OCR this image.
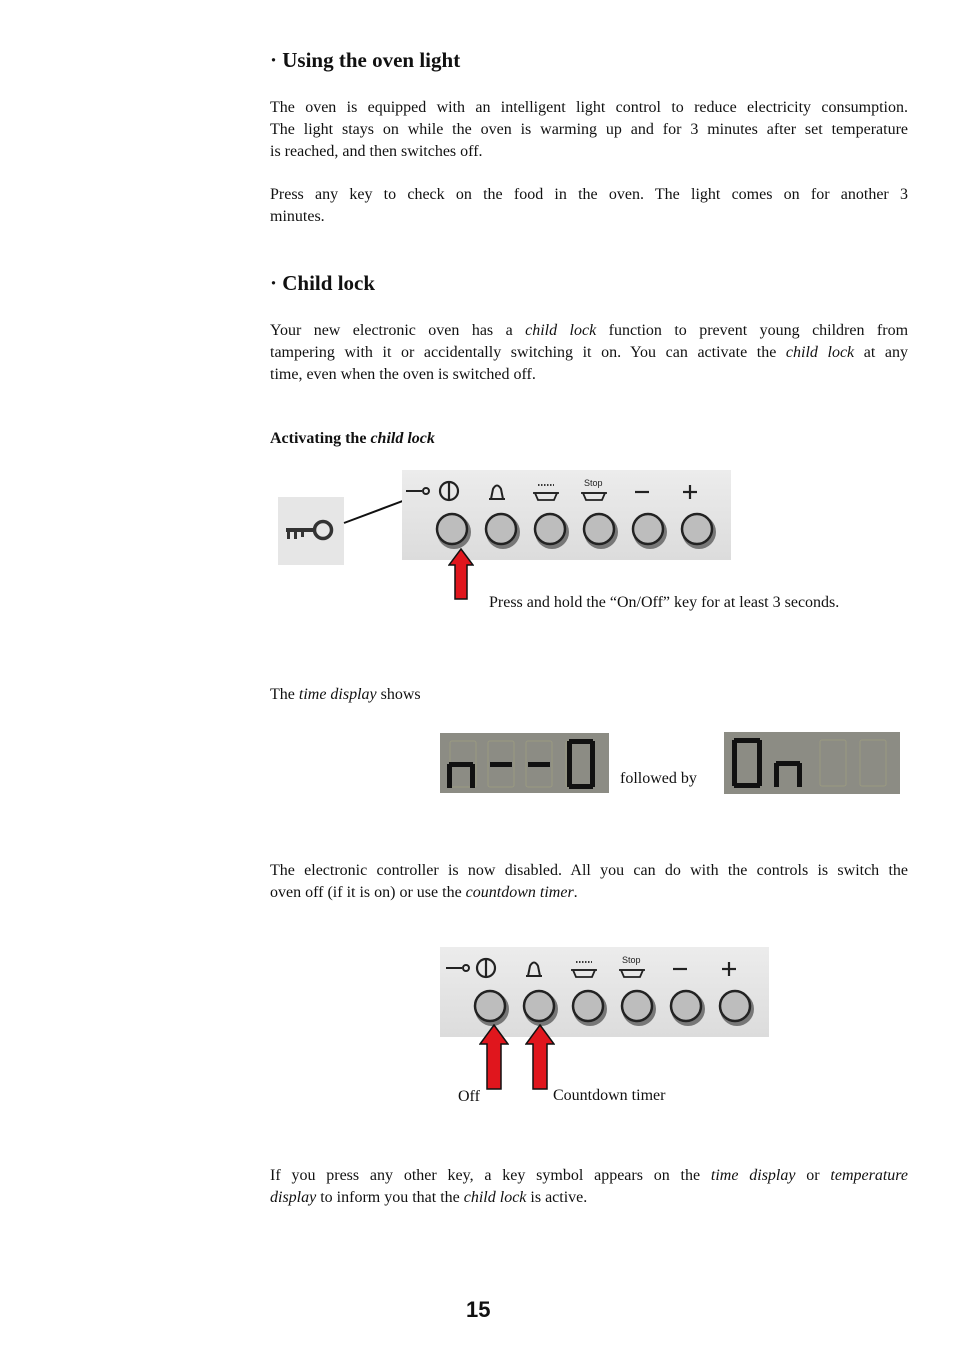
· Using the oven light
The oven is equipped with an intelligent light control to reduce electricity consumption.
The light stays on while the oven is warming up and for 3 minutes after set temperature
is reached, and then switches off.
Press any key to check on the food in the oven. The light comes on for another 3
minutes.
· Child lock
Your new electronic oven has a child lock function to prevent young children from
tampering with it or accidentally switching it on. You can activate the child lock at any
time, even when the oven is switched off.
Activating the child lock
Stop
Press and hold the “On/Off” key for at least 3 seconds.
The time display shows
followed by
The electronic controller is now disabled. All you can do with the controls is switch the
oven off (if it is on) or use the countdown timer.
Stop
Off	Countdown timer
If you press any other key, a key symbol appears on the time display or temperature
display to inform you that the child lock is active.
15
